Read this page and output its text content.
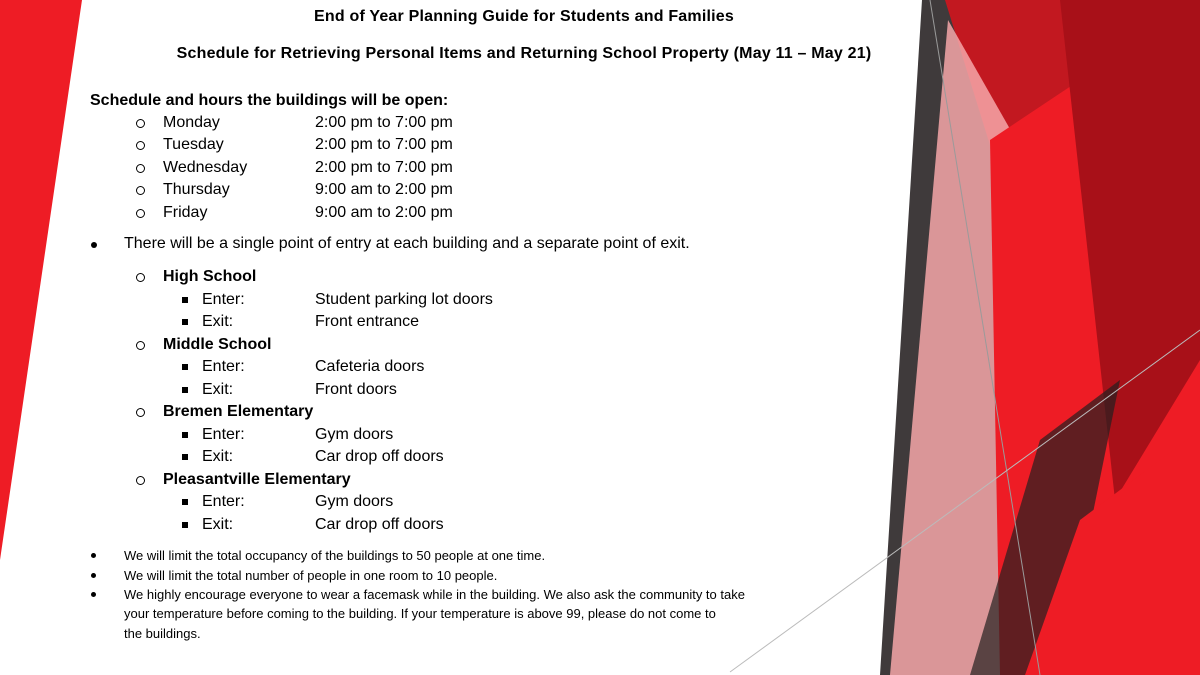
End of Year Planning Guide for Students and Families
Schedule for Retrieving Personal Items and Returning School Property (May 11 – May 21)
Schedule and hours the buildings will be open:
Monday	2:00 pm to 7:00 pm
Tuesday	2:00 pm to 7:00 pm
Wednesday	2:00 pm to 7:00 pm
Thursday	9:00 am to 2:00 pm
Friday	9:00 am to 2:00 pm
There will be a single point of entry at each building and a separate point of exit.
High School
Enter:	Student parking lot doors
Exit:	Front entrance
Middle School
Enter:	Cafeteria doors
Exit:	Front doors
Bremen Elementary
Enter:	Gym doors
Exit:	Car drop off doors
Pleasantville Elementary
Enter:	Gym doors
Exit:	Car drop off doors
We will limit the total occupancy of the buildings to 50 people at one time.
We will limit the total number of people in one room to 10 people.
We highly encourage everyone to wear a facemask while in the building. We also ask the community to take
your temperature before coming to the building. If your temperature is above 99, please do not come to
the buildings.
